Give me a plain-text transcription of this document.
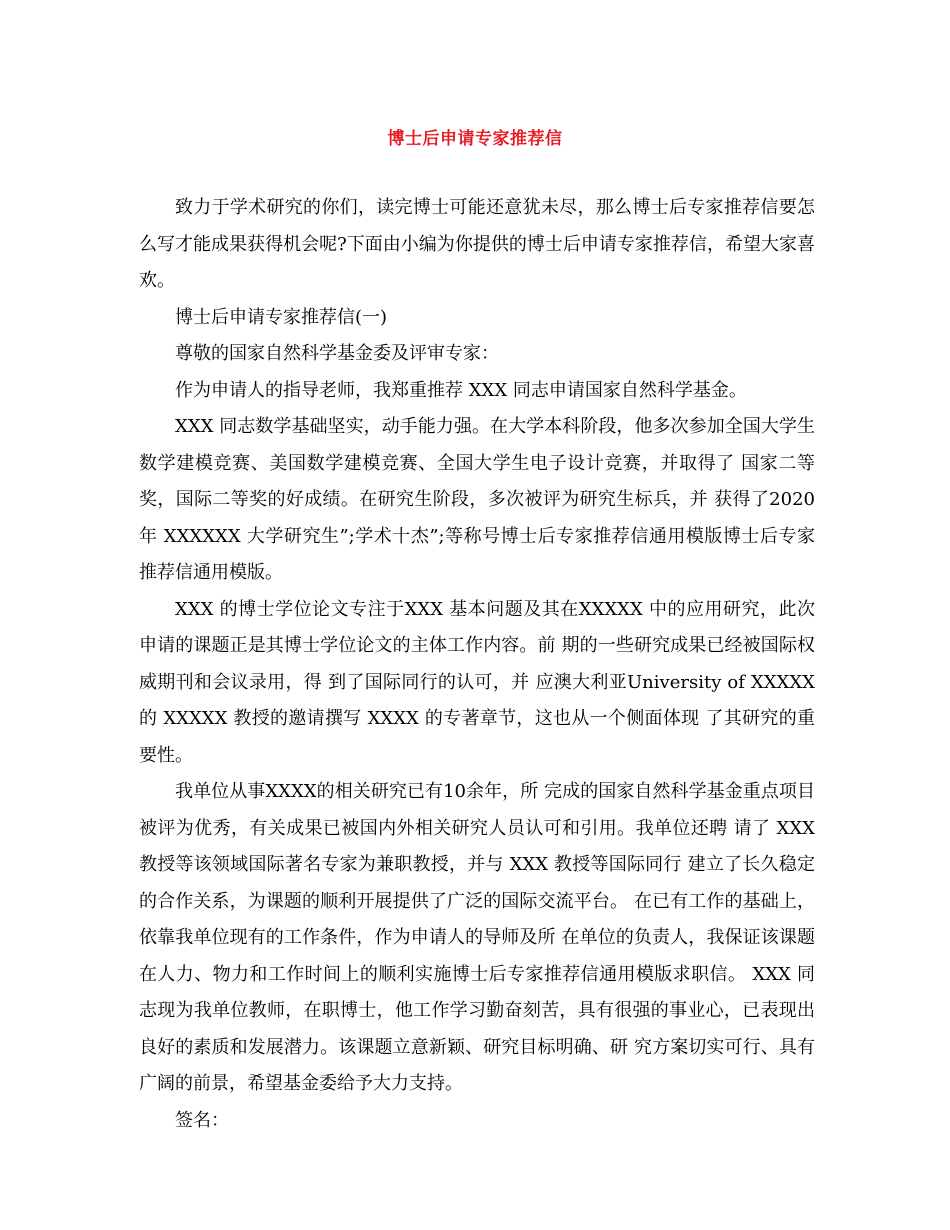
博士后申请专家推荐信

致力于学术研究的你们，读完博士可能还意犹未尽，那么博士后专家推荐信要怎么写才能成果获得机会呢?下面由小编为你提供的博士后申请专家推荐信，希望大家喜欢。

博士后申请专家推荐信(一)

尊敬的国家自然科学基金委及评审专家：

作为申请人的指导老师，我郑重推荐 XXX 同志申请国家自然科学基金。

XXX 同志数学基础坚实，动手能力强。在大学本科阶段，他多次参加全国大学生数学建模竞赛、美国数学建模竞赛、全国大学生电子设计竞赛，并取得了 国家二等奖，国际二等奖的好成绩。在研究生阶段，多次被评为研究生标兵，并 获得了2020 年 XXXXXX 大学研究生”;学术十杰”;等称号博士后专家推荐信通用模版博士后专家推荐信通用模版。

XXX 的博士学位论文专注于XXX 基本问题及其在XXXXX 中的应用研究，此次申请的课题正是其博士学位论文的主体工作内容。前 期的一些研究成果已经被国际权威期刊和会议录用，得 到了国际同行的认可，并 应澳大利亚University of XXXXX 的 XXXXX 教授的邀请撰写 XXXX 的专著章节，这也从一个侧面体现 了其研究的重要性。

我单位从事XXXX的相关研究已有10余年，所 完成的国家自然科学基金重点项目被评为优秀，有关成果已被国内外相关研究人员认可和引用。我单位还聘 请了 XXX 教授等该领域国际著名专家为兼职教授，并与 XXX 教授等国际同行 建立了长久稳定的合作关系，为课题的顺利开展提供了广泛的国际交流平台。 在已有工作的基础上，依靠我单位现有的工作条件，作为申请人的导师及所 在单位的负责人，我保证该课题在人力、物力和工作时间上的顺利实施博士后专家推荐信通用模版求职信。 XXX 同志现为我单位教师，在职博士，他工作学习勤奋刻苦，具有很强的事业心，已表现出良好的素质和发展潜力。该课题立意新颖、研究目标明确、研 究方案切实可行、具有广阔的前景，希望基金委给予大力支持。

签名：
